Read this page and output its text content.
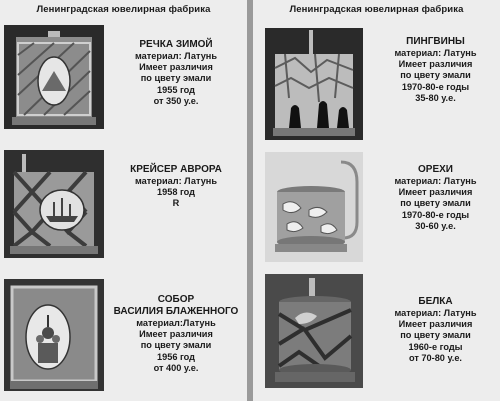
Ленинградская ювелирная фабрика
РЕЧКА ЗИМОЙ
материал: Латунь
Имеет различия
по цвету эмали
1955 год
от 350 у.е.
КРЕЙСЕР АВРОРА
материал: Латунь
1958 год
R
СОБОР
ВАСИЛИЯ БЛАЖЕННОГО
материал:Латунь
Имеет различия
по цвету эмали
1956 год
от 400 у.е.
Ленинградская ювелирная фабрика
ПИНГВИНЫ
материал: Латунь
Имеет различия
по цвету эмали
1970-80-е годы
35-80 у.е.
ОРЕХИ
материал: Латунь
Имеет различия
по цвету эмали
1970-80-е годы
30-60 у.е.
БЕЛКА
материал: Латунь
Имеет различия
по цвету эмали
1960-е годы
от 70-80 у.е.
